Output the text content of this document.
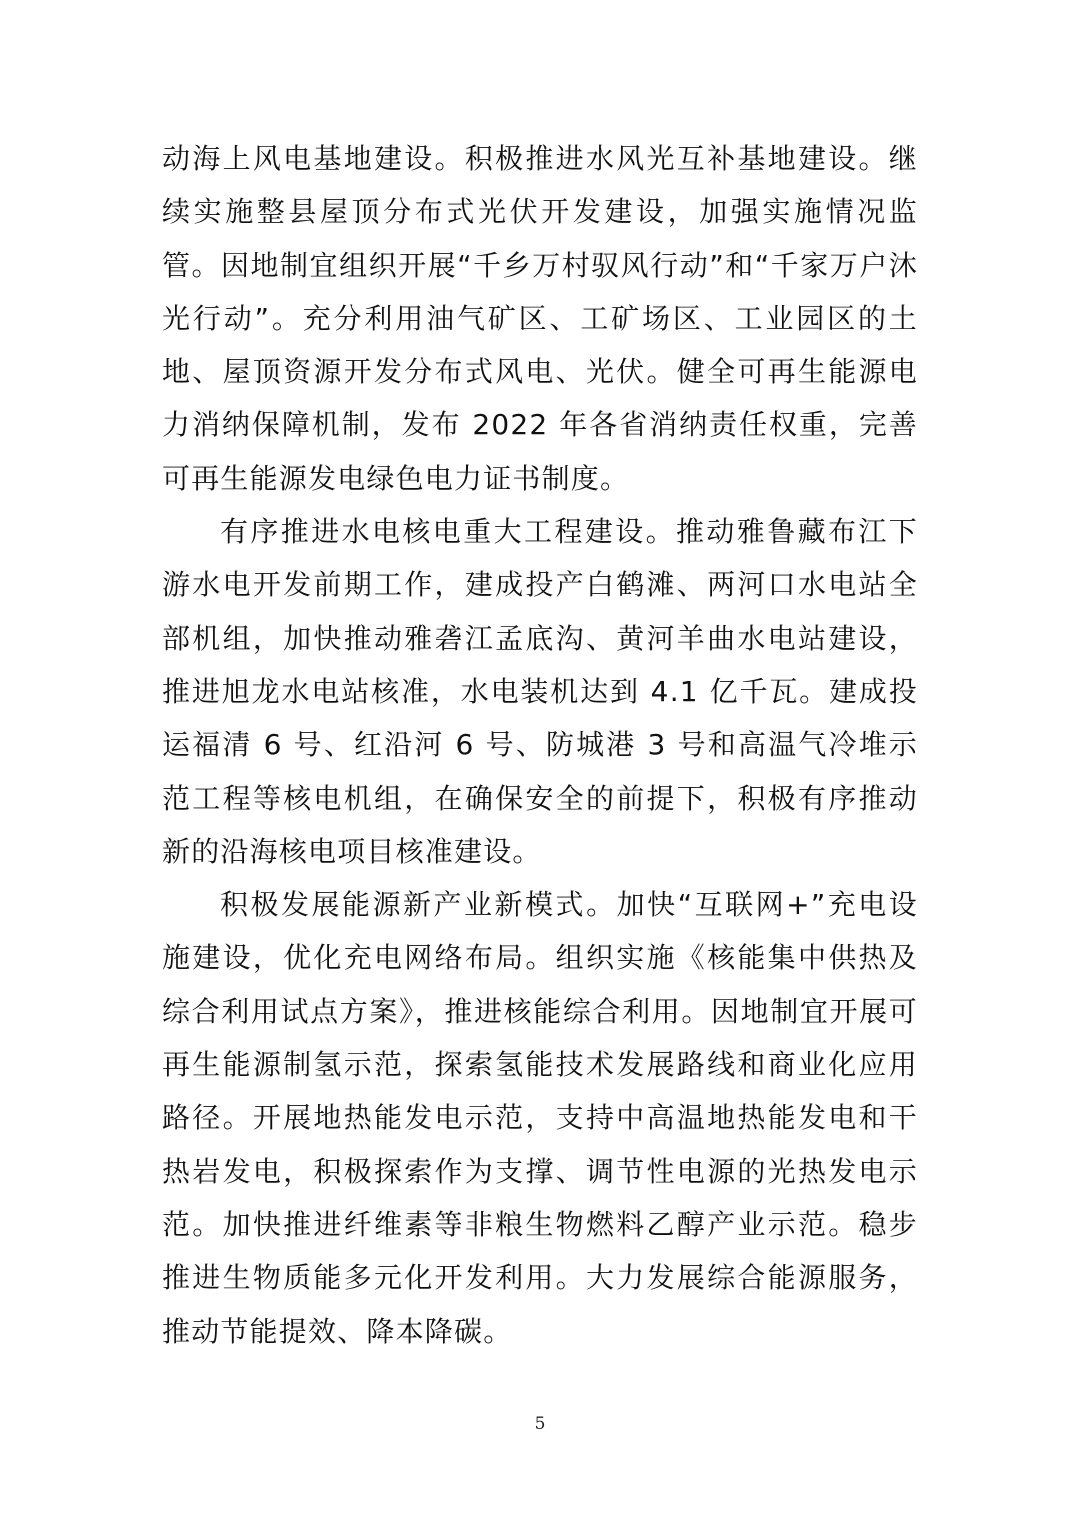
动海上风电基地建设。积极推进水风光互补基地建设。继续实施整县屋顶分布式光伏开发建设，加强实施情况监管。因地制宜组织开展“千乡万村驭风行动”和“千家万户沐光行动”。充分利用油气矿区、工矿场区、工业园区的土地、屋顶资源开发分布式风电、光伏。健全可再生能源电力消纳保障机制，发布 2022 年各省消纳责任权重，完善可再生能源发电绿色电力证书制度。

有序推进水电核电重大工程建设。推动雅鲁藏布江下游水电开发前期工作，建成投产白鹤滩、两河口水电站全部机组，加快推动雅砻江孟底沟、黄河羊曲水电站建设，推进旭龙水电站核准，水电装机达到 4.1 亿千瓦。建成投运福清 6 号、红沿河 6 号、防城港 3 号和高温气冷堆示范工程等核电机组，在确保安全的前提下，积极有序推动新的沿海核电项目核准建设。

积极发展能源新产业新模式。加快“互联网+”充电设施建设，优化充电网络布局。组织实施《核能集中供热及综合利用试点方案》，推进核能综合利用。因地制宜开展可再生能源制氢示范，探索氢能技术发展路线和商业化应用路径。开展地热能发电示范，支持中高温地热能发电和干热岩发电，积极探索作为支撑、调节性电源的光热发电示范。加快推进纤维素等非粮生物燃料乙醇产业示范。稳步推进生物质能多元化开发利用。大力发展综合能源服务，推动节能提效、降本降碳。

5
